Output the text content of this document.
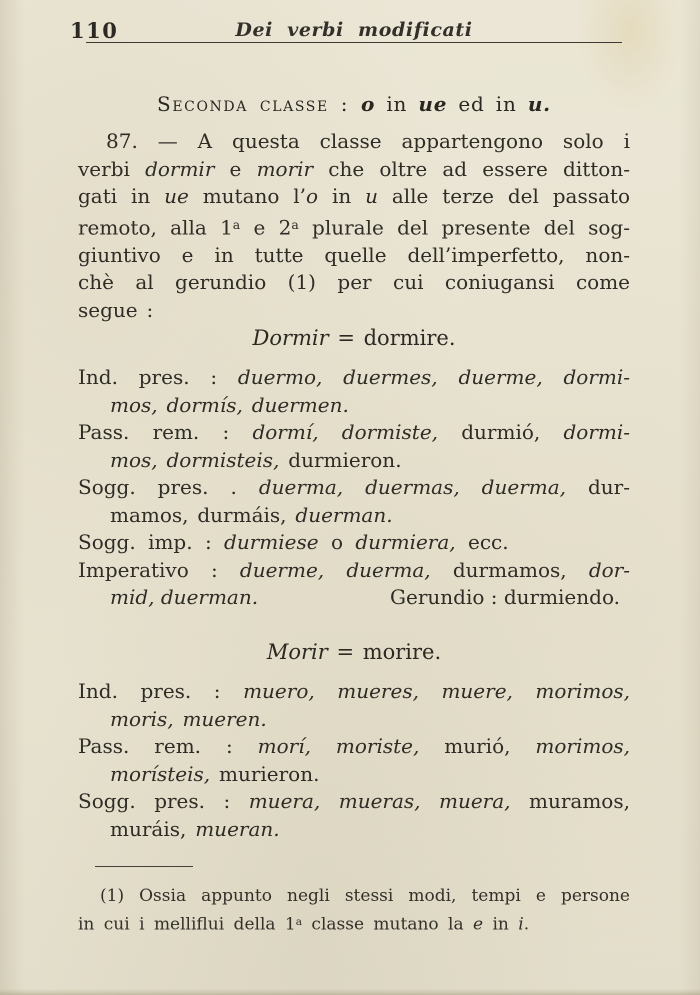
110	Dei verbi modificati
Seconda classe : o in ue ed in u.
87. — A questa classe appartengono solo i
verbi dormir e morir che oltre ad essere ditton-
gati in ue mutano l’o in u alle terze del passato
remoto, alla 1$^a$ e 2$^a$ plurale del presente del sog-
giuntivo e in tutte quelle dell’imperfetto, non-
chè al gerundio (1) per cui coniugansi come
segue :
Dormir = dormire.
Ind. pres. : duermo, duermes, duerme, dormi-
mos, dormís, duermen.
Pass. rem. : dormí, dormiste, durmió, dormi-
mos, dormisteis, durmieron.
Sogg. pres. . duerma, duermas, duerma, dur-
mamos, durmáis, duerman.
Sogg. imp. : durmiese o durmiera, ecc.
Imperativo : duerme, duerma, durmamos, dor-
mid, duerman.	Gerundio : durmiendo.
Morir = morire.
Ind. pres. : muero, mueres, muere, morimos,
moris, mueren.
Pass. rem. : morí, moriste, murió, morimos,
morísteis, murieron.
Sogg. pres. : muera, mueras, muera, muramos,
muráis, mueran.
(1) Ossia appunto negli stessi modi, tempi e persone
in cui i melliflui della 1$^a$ classe mutano la e in i.
